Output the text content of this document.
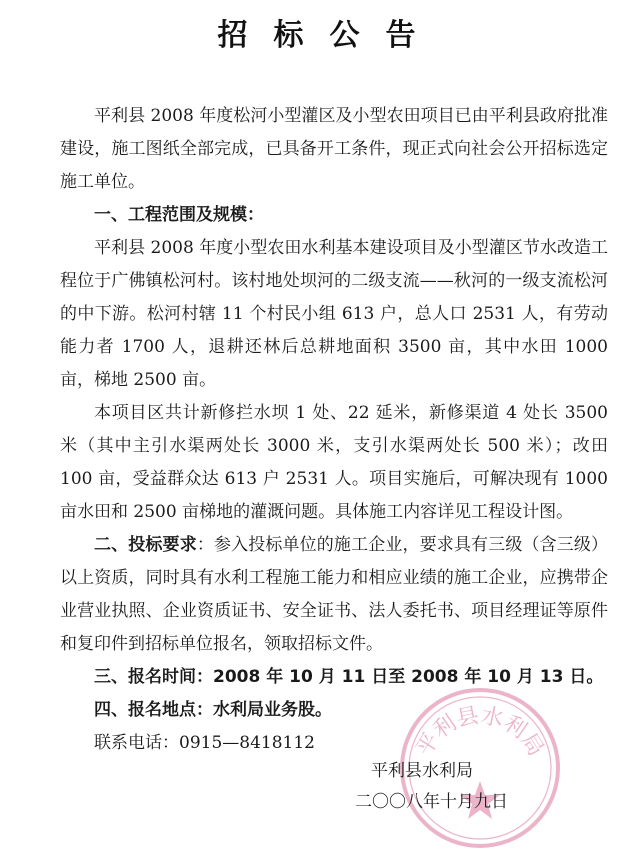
招标公告

平利县 2008 年度松河小型灌区及小型农田项目已由平利县政府批准建设，施工图纸全部完成，已具备开工条件，现正式向社会公开招标选定施工单位。

一、工程范围及规模：

平利县 2008 年度小型农田水利基本建设项目及小型灌区节水改造工程位于广佛镇松河村。该村地处坝河的二级支流——秋河的一级支流松河的中下游。松河村辖 11 个村民小组 613 户，总人口 2531 人，有劳动能力者 1700 人，退耕还林后总耕地面积 3500 亩，其中水田 1000 亩，梯地 2500 亩。

本项目区共计新修拦水坝 1 处、22 延米，新修渠道 4 处长 3500 米（其中主引水渠两处长 3000 米，支引水渠两处长 500 米）；改田 100 亩，受益群众达 613 户 2531 人。项目实施后，可解决现有 1000 亩水田和 2500 亩梯地的灌溉问题。具体施工内容详见工程设计图。

二、投标要求：参入投标单位的施工企业，要求具有三级（含三级）以上资质，同时具有水利工程施工能力和相应业绩的施工企业，应携带企业营业执照、企业资质证书、安全证书、法人委托书、项目经理证等原件和复印件到招标单位报名，领取招标文件。

三、报名时间：2008 年 10 月 11 日至 2008 年 10 月 13 日。

四、报名地点：水利局业务股。

联系电话：0915—8418112	平利县水利局
平利县水利局
二〇〇八年十月九日
